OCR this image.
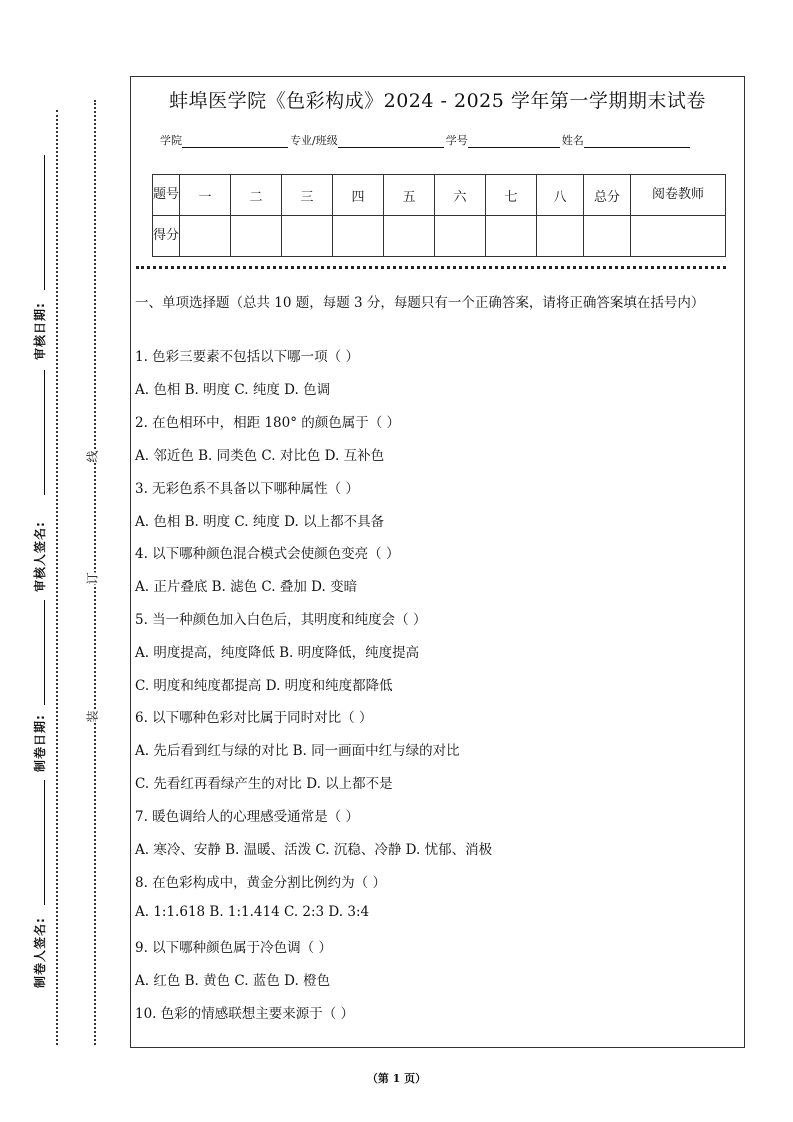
审核日期:
审核人签名:
制卷日期:
制卷人签名:
线
订
装
蚌埠医学院《色彩构成》2024 - 2025 学年第一学期期末试卷
学院	专业/班级	学号	姓名
题号	一	二	三	四	五	六	七	八	总分	阅卷教师
得分										
一、单项选择题（总共 10 题，每题 3 分，每题只有一个正确答案，请将正确答案填在括号内）
1. 色彩三要素不包括以下哪一项（ ）
A. 色相 B. 明度 C. 纯度 D. 色调
2. 在色相环中，相距 180° 的颜色属于（ ）
A. 邻近色 B. 同类色 C. 对比色 D. 互补色
3. 无彩色系不具备以下哪种属性（ ）
A. 色相 B. 明度 C. 纯度 D. 以上都不具备
4. 以下哪种颜色混合模式会使颜色变亮（ ）
A. 正片叠底 B. 滤色 C. 叠加 D. 变暗
5. 当一种颜色加入白色后，其明度和纯度会（ ）
A. 明度提高，纯度降低 B. 明度降低，纯度提高
C. 明度和纯度都提高 D. 明度和纯度都降低
6. 以下哪种色彩对比属于同时对比（ ）
A. 先后看到红与绿的对比 B. 同一画面中红与绿的对比
C. 先看红再看绿产生的对比 D. 以上都不是
7. 暖色调给人的心理感受通常是（ ）
A. 寒冷、安静 B. 温暖、活泼 C. 沉稳、冷静 D. 忧郁、消极
8. 在色彩构成中，黄金分割比例约为（ ）
A. 1:1.618 B. 1:1.414 C. 2:3 D. 3:4
9. 以下哪种颜色属于冷色调（ ）
A. 红色 B. 黄色 C. 蓝色 D. 橙色
10. 色彩的情感联想主要来源于（ ）
（第 1 页）
